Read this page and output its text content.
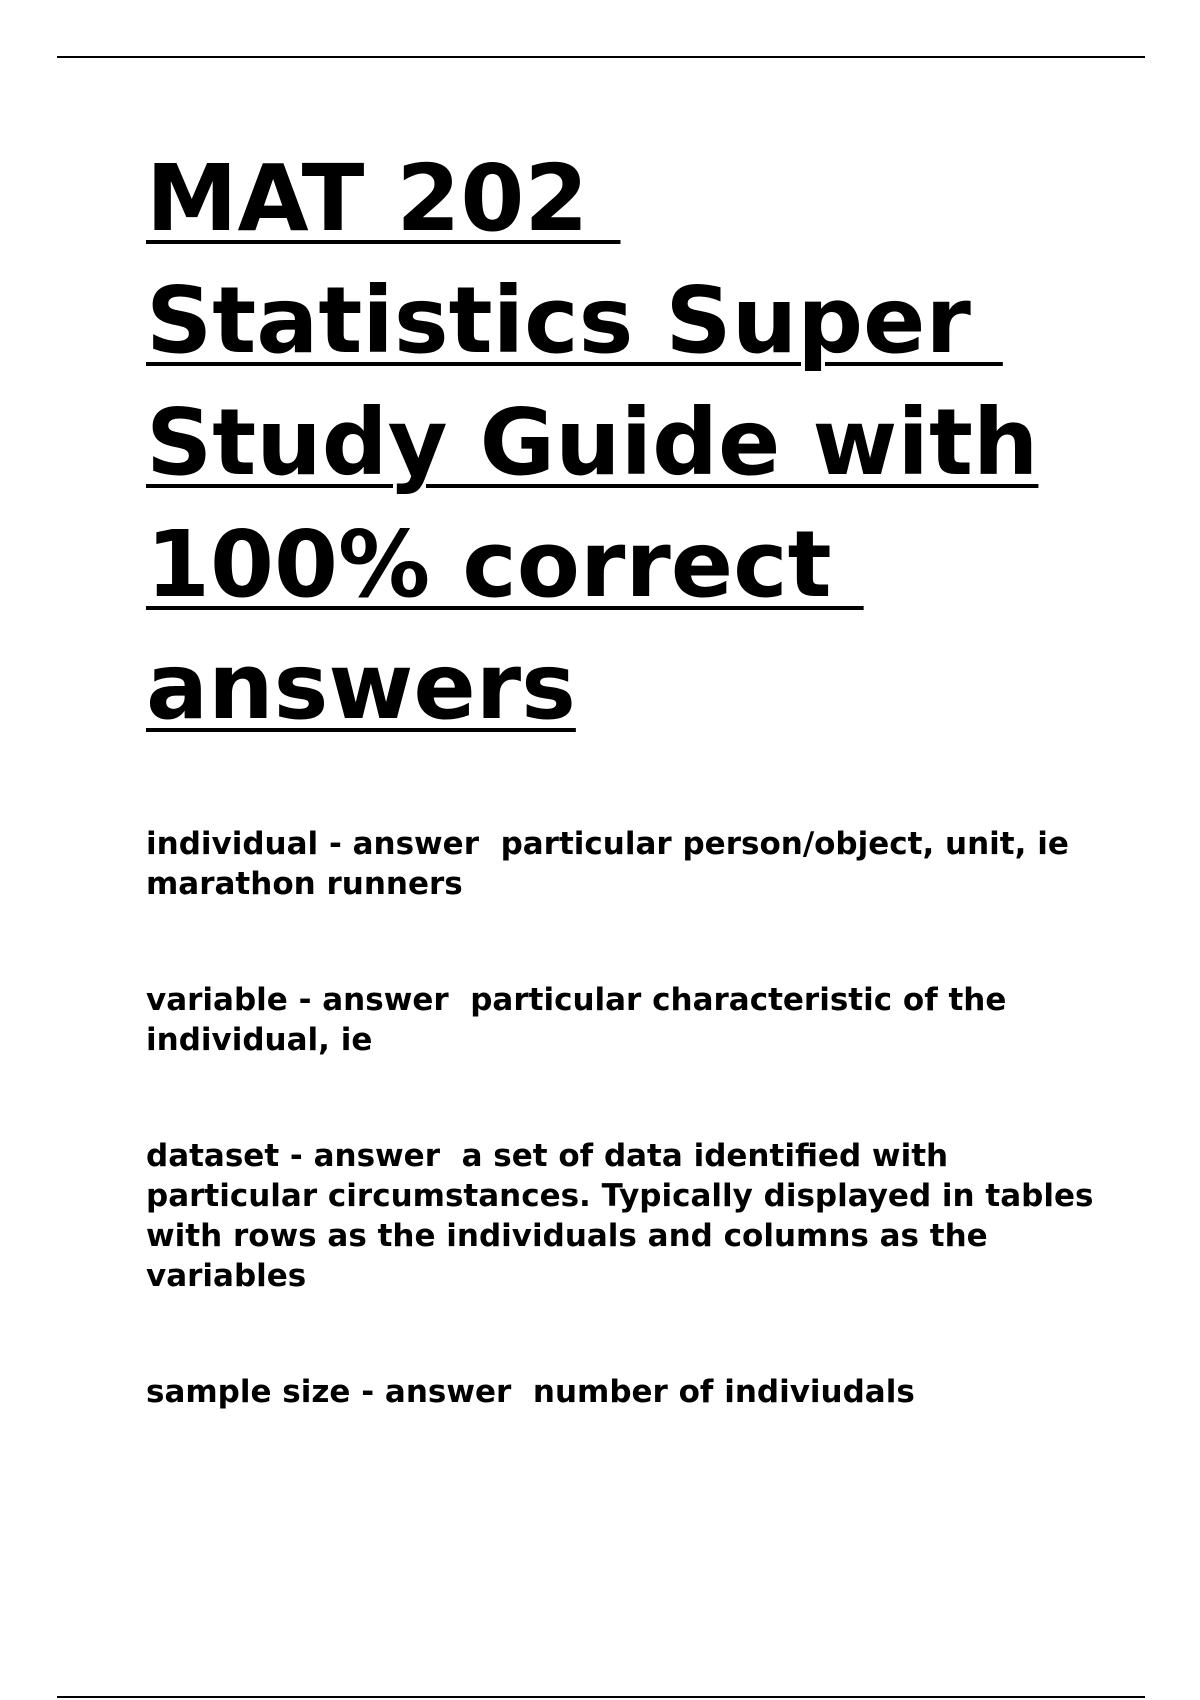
MAT 202
Statistics Super
Study Guide with
100% correct
answers

individual - answer  particular person/object, unit, ie marathon runners

variable - answer  particular characteristic of the individual, ie

dataset - answer  a set of data identified with particular circumstances. Typically displayed in tables with rows as the individuals and columns as the variables

sample size - answer  number of indiviudals
